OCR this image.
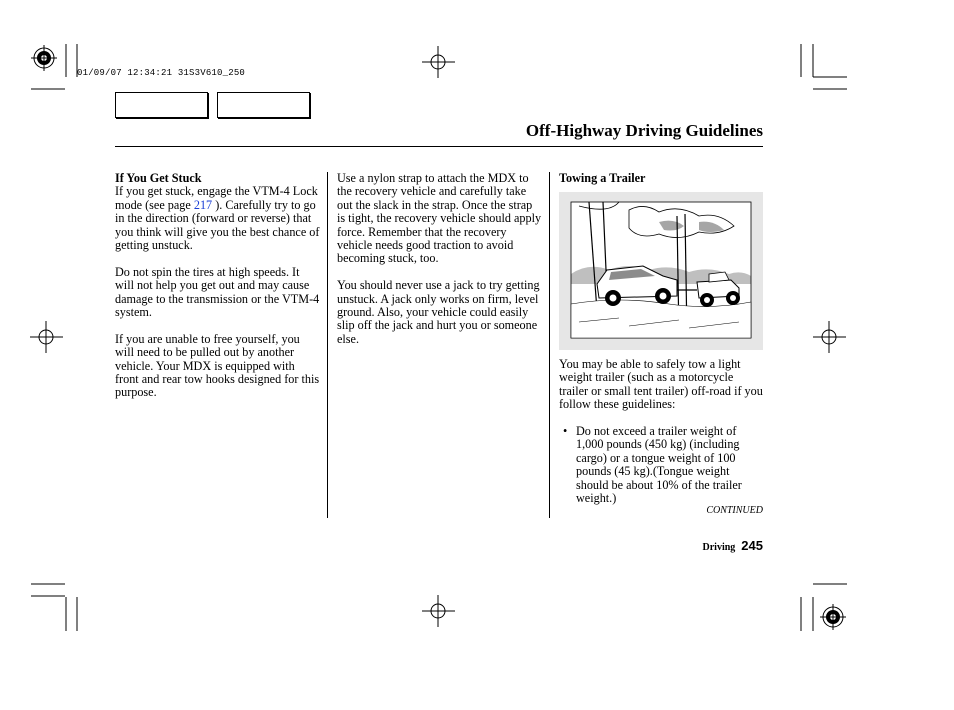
01/09/07 12:34:21 31S3V610_250
Off-Highway Driving Guidelines

If You Get Stuck

If you get stuck, engage the VTM-4 Lock mode (see page 217 ). Carefully try to go in the direction (forward or reverse) that you think will give you the best chance of getting unstuck.

Do not spin the tires at high speeds. It will not help you get out and may cause damage to the transmission or the VTM-4 system.

If you are unable to free yourself, you will need to be pulled out by another vehicle. Your MDX is equipped with front and rear tow hooks designed for this purpose.

Use a nylon strap to attach the MDX to the recovery vehicle and carefully take out the slack in the strap. Once the strap is tight, the recovery vehicle should apply force. Remember that the recovery vehicle needs good traction to avoid becoming stuck, too.

You should never use a jack to try getting unstuck. A jack only works on firm, level ground. Also, your vehicle could easily slip off the jack and hurt you or someone else.

Towing a Trailer

You may be able to safely tow a light weight trailer (such as a motorcycle trailer or small tent trailer) off-road if you follow these guidelines:

• Do not exceed a trailer weight of 1,000 pounds (450 kg) (including cargo) or a tongue weight of 100 pounds (45 kg).(Tongue weight should be about 10% of the trailer weight.)
CONTINUED
Driving 245
